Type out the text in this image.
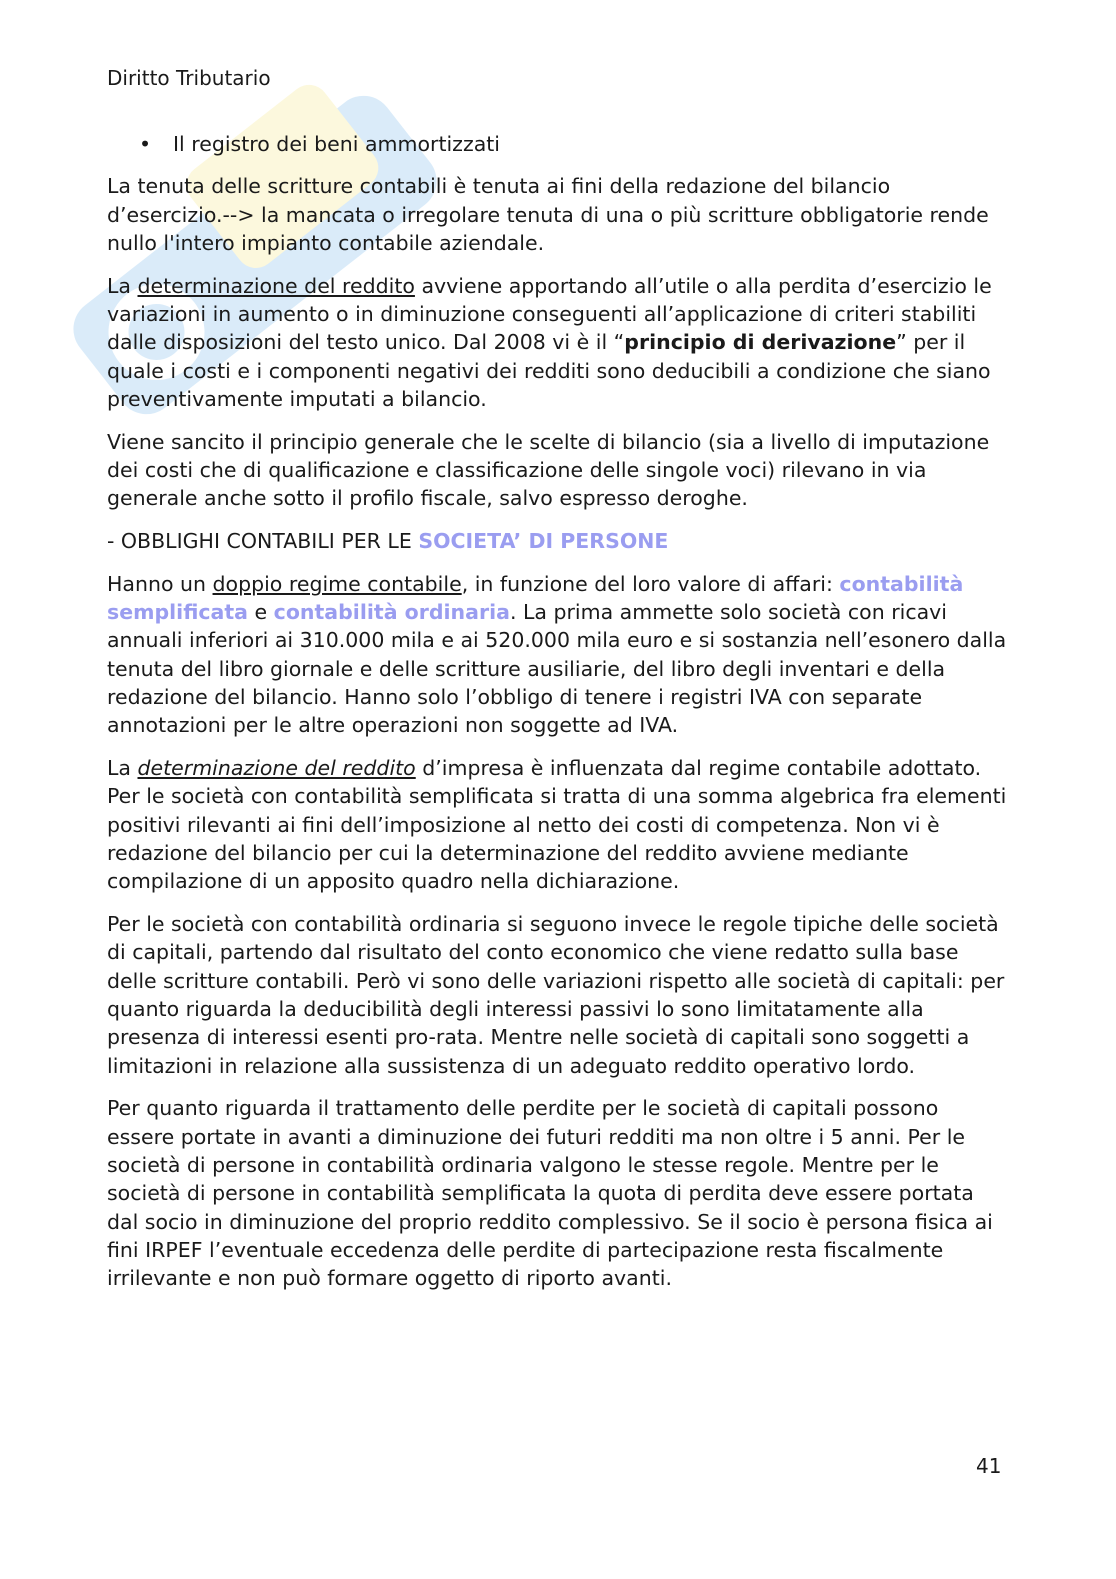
Diritto Tributario
• Il registro dei beni ammortizzati

La tenuta delle scritture contabili è tenuta ai fini della redazione del bilancio d’esercizio.--> la mancata o irregolare tenuta di una o più scritture obbligatorie rende nullo l'intero impianto contabile aziendale.

La determinazione del reddito avviene apportando all’utile o alla perdita d’esercizio le variazioni in aumento o in diminuzione conseguenti all’applicazione di criteri stabiliti dalle disposizioni del testo unico. Dal 2008 vi è il “principio di derivazione” per il quale i costi e i componenti negativi dei redditi sono deducibili a condizione che siano preventivamente imputati a bilancio.

Viene sancito il principio generale che le scelte di bilancio (sia a livello di imputazione dei costi che di qualificazione e classificazione delle singole voci) rilevano in via generale anche sotto il profilo fiscale, salvo espresso deroghe.

- OBBLIGHI CONTABILI PER LE SOCIETA’ DI PERSONE

Hanno un doppio regime contabile, in funzione del loro valore di affari: contabilità semplificata e contabilità ordinaria. La prima ammette solo società con ricavi annuali inferiori ai 310.000 mila e ai 520.000 mila euro e si sostanzia nell’esonero dalla tenuta del libro giornale e delle scritture ausiliarie, del libro degli inventari e della redazione del bilancio. Hanno solo l’obbligo di tenere i registri IVA con separate annotazioni per le altre operazioni non soggette ad IVA.

La determinazione del reddito d’impresa è influenzata dal regime contabile adottato. Per le società con contabilità semplificata si tratta di una somma algebrica fra elementi positivi rilevanti ai fini dell’imposizione al netto dei costi di competenza. Non vi è redazione del bilancio per cui la determinazione del reddito avviene mediante compilazione di un apposito quadro nella dichiarazione.

Per le società con contabilità ordinaria si seguono invece le regole tipiche delle società di capitali, partendo dal risultato del conto economico che viene redatto sulla base delle scritture contabili. Però vi sono delle variazioni rispetto alle società di capitali: per quanto riguarda la deducibilità degli interessi passivi lo sono limitatamente alla presenza di interessi esenti pro-rata. Mentre nelle società di capitali sono soggetti a limitazioni in relazione alla sussistenza di un adeguato reddito operativo lordo.

Per quanto riguarda il trattamento delle perdite per le società di capitali possono essere portate in avanti a diminuzione dei futuri redditi ma non oltre i 5 anni. Per le società di persone in contabilità ordinaria valgono le stesse regole. Mentre per le società di persone in contabilità semplificata la quota di perdita deve essere portata dal socio in diminuzione del proprio reddito complessivo. Se il socio è persona fisica ai fini IRPEF l’eventuale eccedenza delle perdite di partecipazione resta fiscalmente irrilevante e non può formare oggetto di riporto avanti.

41
